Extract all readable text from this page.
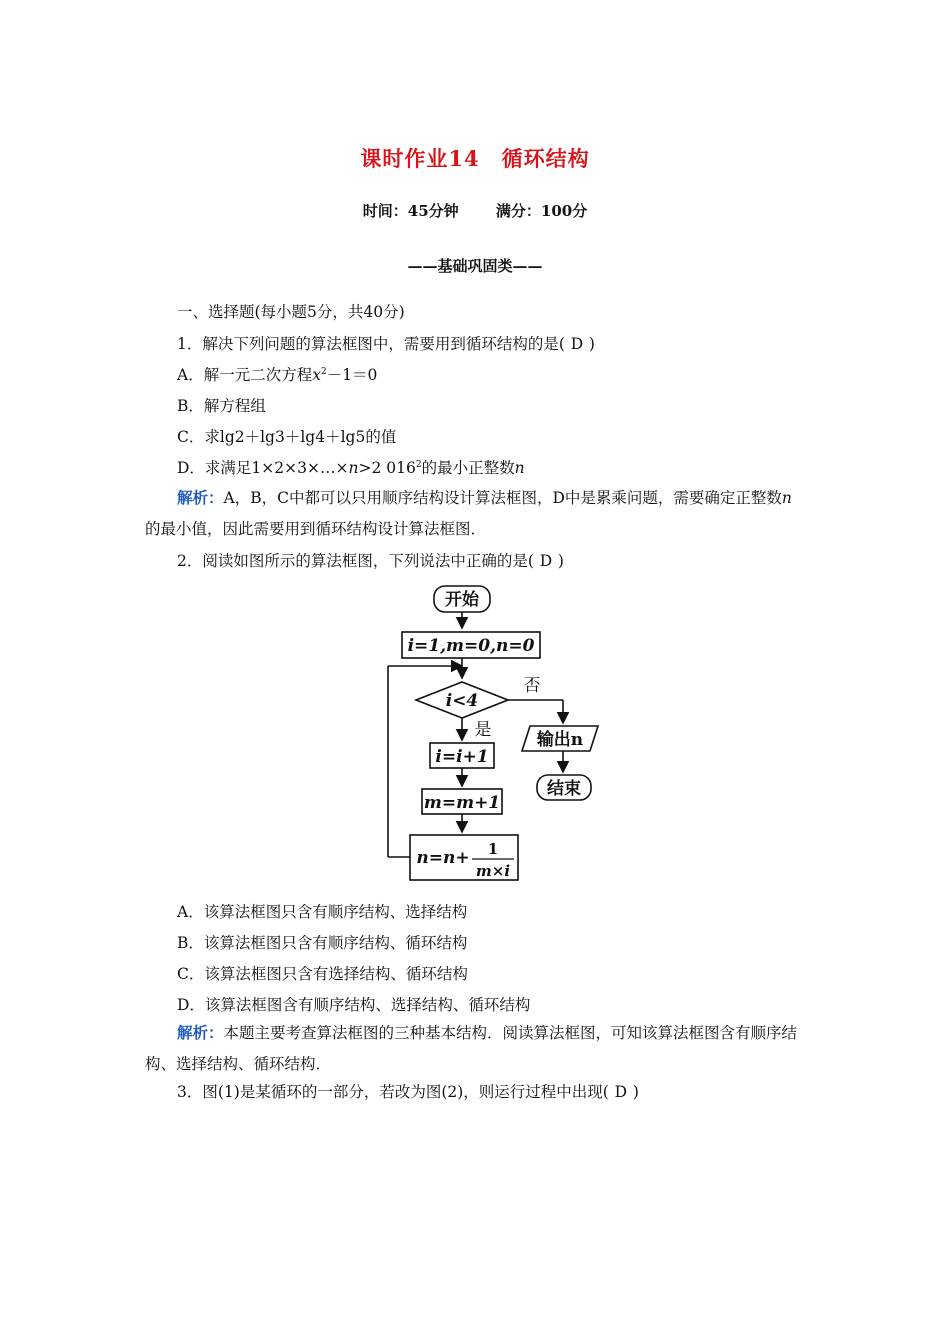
课时作业14　循环结构
时间：45分钟 满分：100分
——基础巩固类——
一、选择题(每小题5分，共40分)
1．解决下列问题的算法框图中，需要用到循环结构的是( D )
A．解一元二次方程$x^2-1=0$
B．解方程组
C．求lg2＋lg3＋lg4＋lg5的值
D．求满足1×2×3×…×n>2 $016^2$的最小正整数n
解析：A，B，C中都可以只用顺序结构设计算法框图，D中是累乘问题，需要确定正整数n的最小值，因此需要用到循环结构设计算法框图．
2．阅读如图所示的算法框图，下列说法中正确的是( D )
开始
i=1,m=0,n=0
i<4
否
是	输出n
结束
i=i+1
m=m+1
n=n+ 1
m×i
A．该算法框图只含有顺序结构、选择结构
B．该算法框图只含有顺序结构、循环结构
C．该算法框图只含有选择结构、循环结构
D．该算法框图含有顺序结构、选择结构、循环结构
解析：本题主要考查算法框图的三种基本结构．阅读算法框图，可知该算法框图含有顺序结构、选择结构、循环结构．
3．图(1)是某循环的一部分，若改为图(2)，则运行过程中出现( D )
